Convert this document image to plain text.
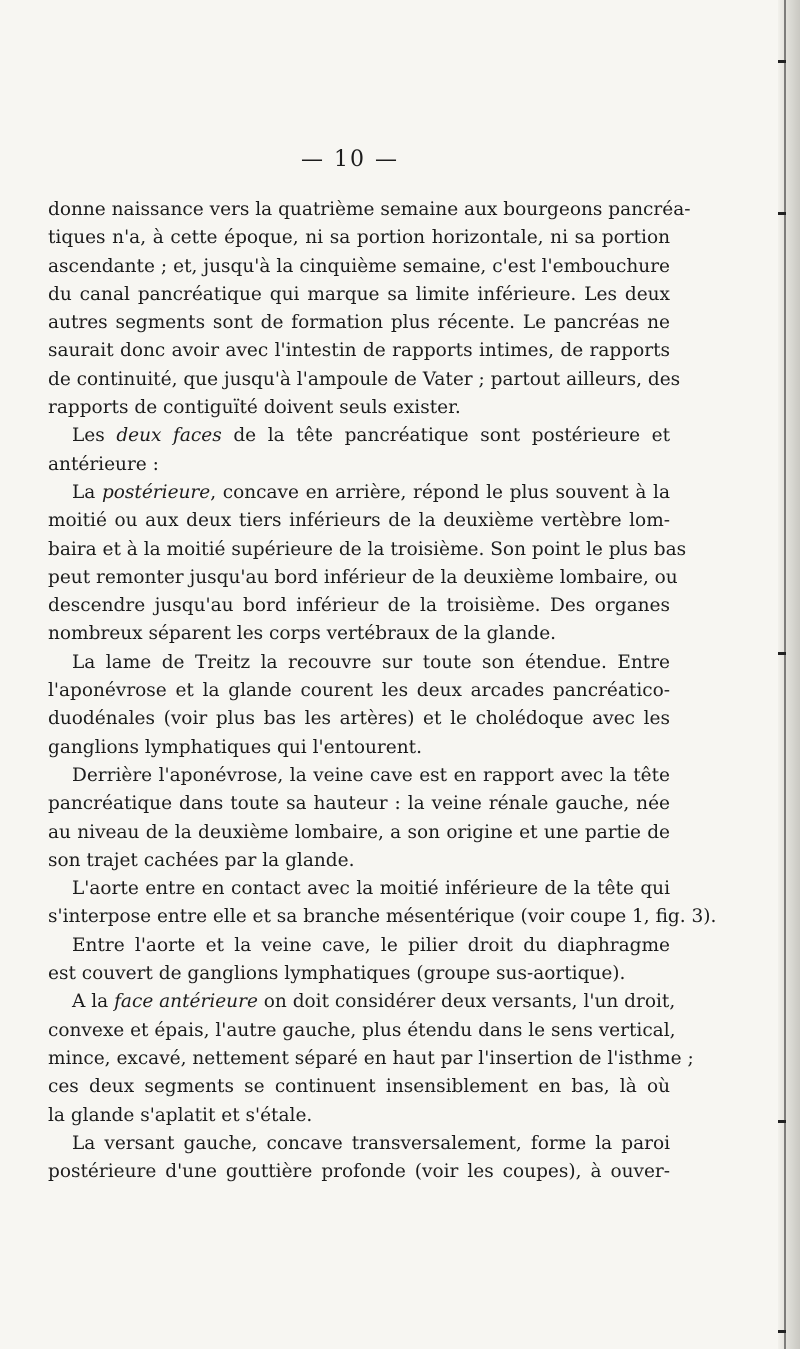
— 10 —
donne naissance vers la quatrième semaine aux bourgeons pancréa-
tiques n'a, à cette époque, ni sa portion horizontale, ni sa portion
ascendante ; et, jusqu'à la cinquième semaine, c'est l'embouchure
du canal pancréatique qui marque sa limite inférieure. Les deux
autres segments sont de formation plus récente. Le pancréas ne
saurait donc avoir avec l'intestin de rapports intimes, de rapports
de continuité, que jusqu'à l'ampoule de Vater ; partout ailleurs, des
rapports de contiguïté doivent seuls exister.
Les deux faces de la tête pancréatique sont postérieure et
antérieure :
La postérieure, concave en arrière, répond le plus souvent à la
moitié ou aux deux tiers inférieurs de la deuxième vertèbre lom-
baira et à la moitié supérieure de la troisième. Son point le plus bas
peut remonter jusqu'au bord inférieur de la deuxième lombaire, ou
descendre jusqu'au bord inférieur de la troisième. Des organes
nombreux séparent les corps vertébraux de la glande.
La lame de Treitz la recouvre sur toute son étendue. Entre
l'aponévrose et la glande courent les deux arcades pancréatico-
duodénales (voir plus bas les artères) et le cholédoque avec les
ganglions lymphatiques qui l'entourent.
Derrière l'aponévrose, la veine cave est en rapport avec la tête
pancréatique dans toute sa hauteur : la veine rénale gauche, née
au niveau de la deuxième lombaire, a son origine et une partie de
son trajet cachées par la glande.
L'aorte entre en contact avec la moitié inférieure de la tête qui
s'interpose entre elle et sa branche mésentérique (voir coupe 1, fig. 3).
Entre l'aorte et la veine cave, le pilier droit du diaphragme
est couvert de ganglions lymphatiques (groupe sus-aortique).
A la face antérieure on doit considérer deux versants, l'un droit,
convexe et épais, l'autre gauche, plus étendu dans le sens vertical,
mince, excavé, nettement séparé en haut par l'insertion de l'isthme ;
ces deux segments se continuent insensiblement en bas, là où
la glande s'aplatit et s'étale.
La versant gauche, concave transversalement, forme la paroi
postérieure d'une gouttière profonde (voir les coupes), à ouver-
